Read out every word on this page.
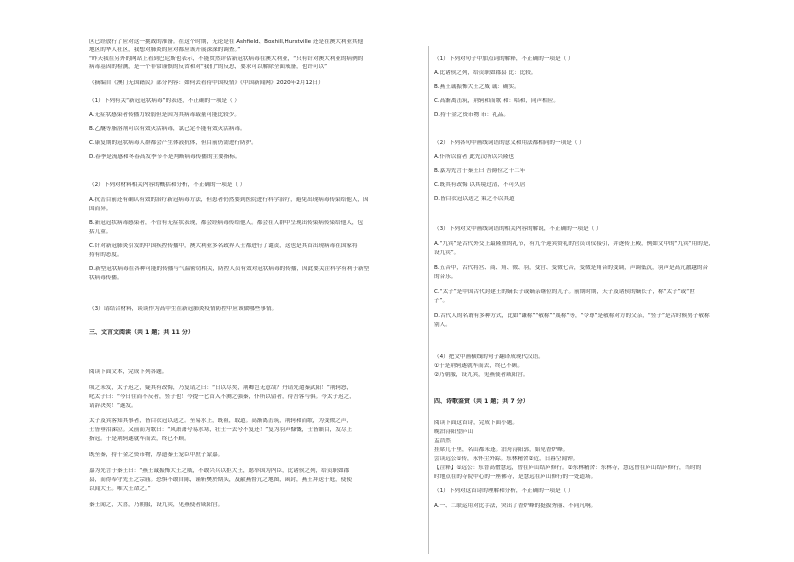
区已经放行了应对这一挑战的准备。在这个时期，无论是在 Ashfield、Boxhill,Hurstville 还是在澳大利亚其他
地区的华人社区，我想对肺炎的应对都应该开展深深的调查。”
“昨天我在另外的网站上看到巴尼斯也表示，不能贸然评估新冠状病毒在澳大利亚，“只有针对澳大利亚的病例的
病毒基因的检测，是一个非常谨慎的反省和对“我们”的反思，要求可以解除全面戒备，也许可以”
（摘编自《澳门无国籍民》部分内容：如何去看待中国疫情》《中国新闻网》2020年2月12日）
（1）下列有关“新冠冠状病毒”的表述，不正确的一项是（ ）
A.无症状感染者传播力较弱但是因为其病毒载量可能比较少。
B.乙醚等脂溶剂可以有效灭活病毒，氯己定不能有效灭活病毒。
C.康复期的冠状病毒人群都会产生体液抗体，但目前仍需进行防护。
D.春季是流感和冬春高发季节不是判断病毒传播的主要指标。
（2）下列对材料相关内容的概括和分析，不正确的一项是（ ）
A.抗击目前还有确认有效的治疗新冠病毒方法，但患者仍然要到医院进行科学治疗，避免出现病毒传染给他人，因
国而异。
B.新冠冠状病毒感染者，不管有无症状表现，都会经病毒传给他人。都会在人群中呈现出传染病传染给他人，包
括儿童。
C.针对新冠肺炎引发的中国疾控传播中，澳大利亚多名政界人士都进行了谴责，这也是其首出现病毒在国家将
持有的态度。
D.新型冠状病毒在各种可能的传播与气温密切相关，防控人员有效对冠状病毒的传播，因此要关注科学有利于新型
状病毒传播。
（3）请结合材料，谈谈作为高中生在新冠肺炎疫情防控中应该做哪些事情。
三、文言文阅读（共 1 题；共 11 分）
阅读下面文本，完成下列各题。
顷之未发，太子迟之，疑其有改悔，乃复请之曰：“日以尽矣，荆卿岂无意哉？丹请先遣秦武阳！”荆轲怒，
叱太子曰：“今日往而不反者，竖子也！今提一匕首入不测之强秦，仆所以留者，待吾客与俱。今太子迟之，
请辞决矣！”遂发。
太子及宾客知其事者，皆白衣冠以送之。至易水上，既祖，取道。高渐离击筑，荆轲和而歌，为变徵之声，
士皆垂泪涕泣。又前而为歌曰：“风萧萧兮易水寒，壮士一去兮不复还！”复为羽声慷慨，士皆瞋目，发尽上
指冠。于是荆轲遂就车而去，终已不顾。
既至秦，持千金之资币物，厚遗秦王宠臣中庶子蒙嘉。
嘉为先言于秦王曰：“燕王诚振怖大王之威，不敢兴兵以拒大王，愿举国为内臣，比诸侯之列，给贡职如郡
县，而得奉守先王之宗庙。恐惧不敢自陈，谨斩樊於期头，及献燕督亢之地图，函封，燕王拜送于庭，使使
以闻大王。唯大王命之。”
秦王闻之，大喜，乃朝服，设九宾，见燕使者咸阳宫。
（1）下列对句子中加点词的解释，不正确的一项是（ ）
A.比诸侯之列，给贡职如郡县 比：比较。
B.燕王诚振怖大王之威 诚：确实。
C.高渐离击筑，荆轲和而歌 和：唱和，同声相应。
D.持千金之资币物 币：礼品。
（2）下列各句中画线词语的意义和用法都相同的一项是（ ）
A.仆所以留者 此先汉所以兴隆也
B.嘉为先言于秦王曰 吾爵位之十二年
C.既其有改悔 以其境过清，不可久居
D.皆白衣冠以送之 策之不以其道
（3）下列对文中画线词语的相关内容的解说，不正确的一项是（ ）
A.“九宾”是古代外交上最隆重的礼节，有九个迎宾赞礼的官员司仪接引，并逐传上殿，例如文中的“九宾“用的是，
设九宾”。
B.五音中，古代将宫、商、角、徵、羽，变宫、变徵七音，变徵是角音的变调，声调低沉，羽声是高亢激越的音
的音乐。
C.“太子”是中国古代封建王的嫡长子或嫡亲继位的儿子。前期时期，天子及诸侯的嫡长子，称“太子”或“世
子”。
D.古代人的名谓有多种方式，比如“谦称”“敬称”“蔑称”等，“令尊”是敬称对方的父亲，“竖子”是古时候男子敬称
别人。
（4）把文中画横线的句子翻译成现代汉语。
①于是荆轲遂就车而去，终已不顾。
②乃朝服，设九宾，见燕使者咸阳宫。
四、诗歌鉴赏（共 1 题；共 7 分）
阅读下面这首诗，完成下面小题。
晚泊浔阳望庐山
孟浩然
挂席几千里，名山都未逢。泊舟浔阳郭，始见香炉峰。
尝读远公①传，永怀尘外踪。东林精舍②近，日暮空闻钟。
【注释】①远公：东晋高僧慧远，曾在庐山结庐修行。②东林精舍：东林寺，慧远曾在庐山结庐修行，当时的
时地点在的寺院中心的一座佛寺，是慧远在庐山修行的一处道场。
（1）下列对这首诗的理解和分析，不正确的一项是（ ）
A.一、二联运用对比手法，突出了香炉峰的挺拔秀丽、不同凡响。
